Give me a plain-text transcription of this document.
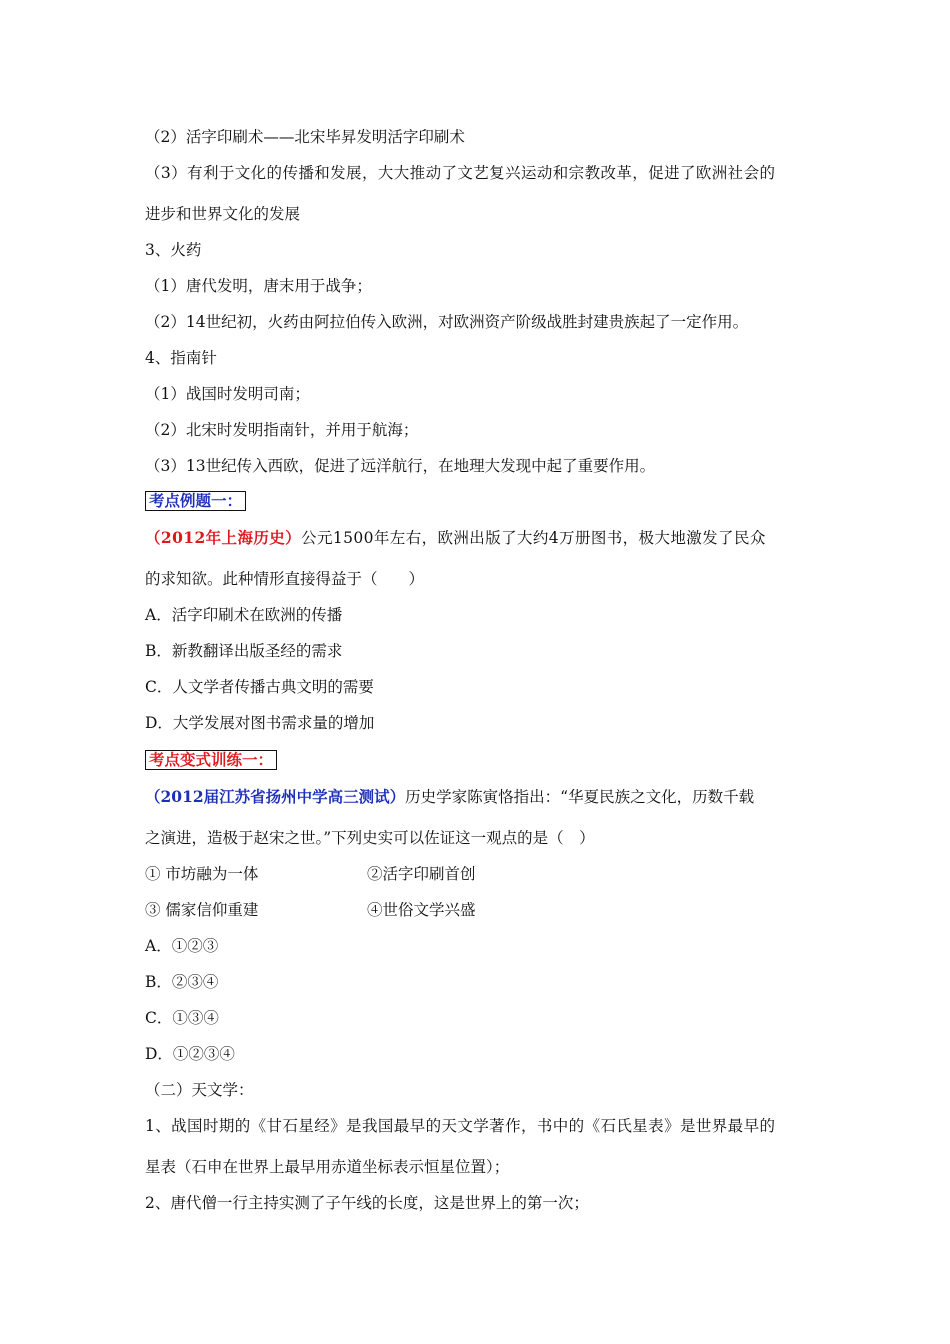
（2）活字印刷术——北宋毕昇发明活字印刷术
（3）有利于文化的传播和发展，大大推动了文艺复兴运动和宗教改革，促进了欧洲社会的
进步和世界文化的发展
3、火药
（1）唐代发明，唐末用于战争；
（2）14世纪初，火药由阿拉伯传入欧洲，对欧洲资产阶级战胜封建贵族起了一定作用。
4、指南针
（1）战国时发明司南；
（2）北宋时发明指南针，并用于航海；
（3）13世纪传入西欧，促进了远洋航行，在地理大发现中起了重要作用。
考点例题一：
（2012年上海历史）公元1500年左右，欧洲出版了大约4万册图书，极大地激发了民众
的求知欲。此种情形直接得益于（　　）
A．活字印刷术在欧洲的传播
B．新教翻译出版圣经的需求
C．人文学者传播古典文明的需要
D．大学发展对图书需求量的增加
考点变式训练一：
（2012届江苏省扬州中学高三测试）历史学家陈寅恪指出：“华夏民族之文化，历数千载
之演进，造极于赵宋之世。”下列史实可以佐证这一观点的是（　）
① 市坊融为一体	②活字印刷首创
③ 儒家信仰重建	④世俗文学兴盛
A．①②③
B．②③④
C．①③④
D．①②③④
（二）天文学：
1、战国时期的《甘石星经》是我国最早的天文学著作，书中的《石氏星表》是世界最早的
星表（石申在世界上最早用赤道坐标表示恒星位置）；
2、唐代僧一行主持实测了子午线的长度，这是世界上的第一次；
